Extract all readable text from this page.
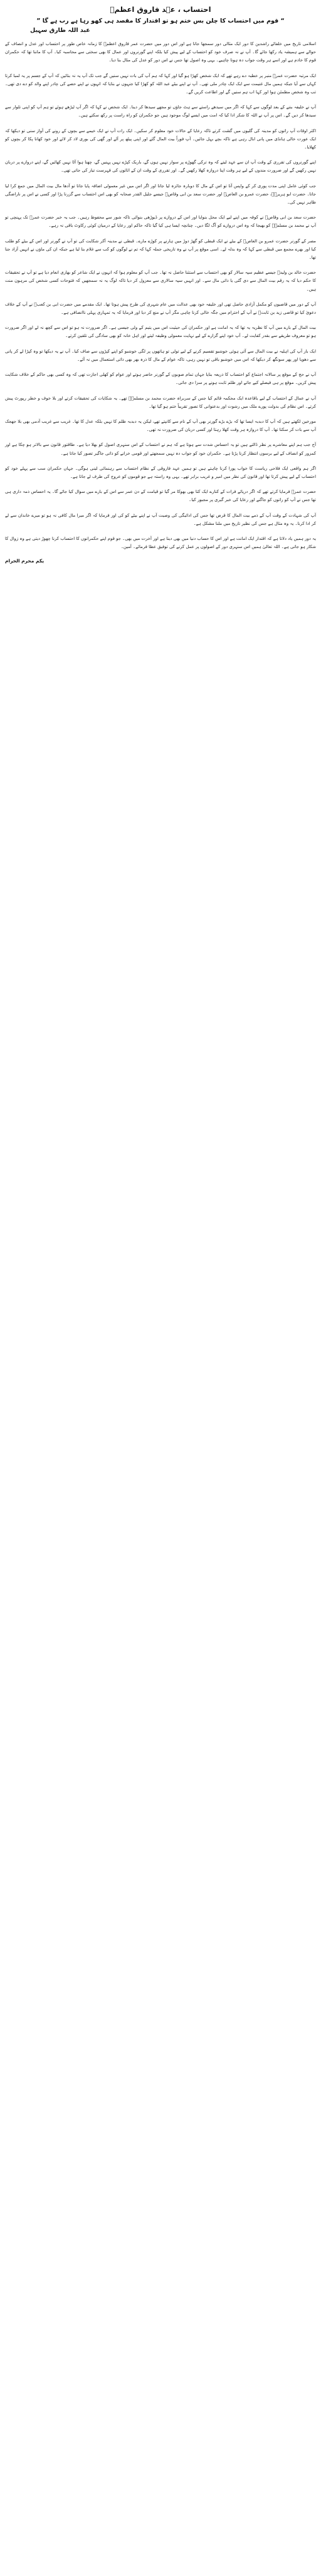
احتساب ، عہد فاروق اعظمؓ
“ قوم میں احتساب کا چلن بس ختم ہو تو اقتدار کا مقصد ہی کھو رہا ہے رب ہے گا ”
عبد اللہ طارق سہیل

اسلامی تاریخ میں خلفائے راشدین کا دور ایک مثالی دور سمجھا جاتا ہے اور اس دور میں حضرت عمر فاروق اعظمؓ کا زمانہ خاص طور پر احتساب اور عدل و انصاف کے حوالے سے ہمیشہ یاد رکھا جائے گا۔ آپ نے نہ صرف خود کو احتساب کے لیے پیش کیا بلکہ اپنے گورنروں اور عمال کا بھی سختی سے محاسبہ کیا۔ آپ کا ماننا تھا کہ حکمران قوم کا خادم ہے اور اسے ہر وقت جواب دہ ہونا چاہیے۔ یہی وہ اصول تھا جس نے اس دور کو عدل کی مثال بنا دیا۔

ایک مرتبہ حضرت عمرؓ منبر پر خطبہ دے رہے تھے کہ ایک شخص کھڑا ہو گیا اور کہا کہ ہم آپ کی بات نہیں سنیں گے جب تک آپ یہ نہ بتائیں کہ آپ کے جسم پر یہ لمبا کرتا کہاں سے آیا جبکہ ہمیں مال غنیمت سے ایک ایک چادر ملی تھی۔ آپ نے اپنے بیٹے عبد اللہ کو کھڑا کیا جنہوں نے بتایا کہ انہوں نے اپنے حصے کی چادر اپنے والد کو دے دی تھی۔ تب وہ شخص مطمئن ہوا اور کہا اب ہم سنیں گے اور اطاعت کریں گے۔

آپ نے خلیفہ بننے کے بعد لوگوں سے کہا کہ اگر میں سیدھے راستے سے ہٹ جاؤں تو مجھے سیدھا کر دینا۔ ایک شخص نے کہا کہ اگر آپ ٹیڑھے ہوئے تو ہم آپ کو اپنی تلوار سے سیدھا کر دیں گے۔ اس پر آپ نے اللہ کا شکر ادا کیا کہ امت میں ایسے لوگ موجود ہیں جو حکمران کو راہ راست پر رکھ سکتے ہیں۔

اکثر اوقات آپ راتوں کو مدینہ کی گلیوں میں گشت کرتے تاکہ رعایا کے حالات خود معلوم کر سکیں۔ ایک رات آپ نے ایک خیمے سے بچوں کے رونے کی آواز سنی تو دیکھا کہ ایک عورت خالی ہانڈی میں پانی ابال رہی ہے تاکہ بچے بہل جائیں۔ آپ فوراً بیت المال گئے اور اپنی پیٹھ پر آٹے اور گھی کی بوری لاد کر لائے اور خود کھانا پکا کر بچوں کو کھلایا۔

اپنے گورنروں کی تقرری کے وقت آپ ان سے عہد لیتے کہ وہ ترکی گھوڑے پر سوار نہیں ہوں گے، باریک کپڑے نہیں پہنیں گے، چھنا ہوا آٹا نہیں کھائیں گے، اپنے دروازے پر دربان نہیں رکھیں گے اور ضرورت مندوں کے لیے ہر وقت اپنا دروازہ کھلا رکھیں گے۔ اور تقرری کے وقت ان کے اثاثوں کی فہرست تیار کی جاتی تھی۔

جب کوئی عامل اپنی مدت پوری کر کے واپس آتا تو اس کے مال کا دوبارہ جائزہ لیا جاتا اور اگر اس میں غیر معمولی اضافہ پایا جاتا تو آدھا مال بیت المال میں جمع کرا لیا جاتا۔ حضرت ابو ہریرہؓ، حضرت عمرو بن العاصؓ اور حضرت سعد بن ابی وقاصؓ جیسے جلیل القدر صحابہ کو بھی اس احتساب سے گزرنا پڑا اور کسی نے اس پر ناراضگی ظاہر نہیں کی۔

حضرت سعد بن ابی وقاصؓ نے کوفہ میں اپنے لیے ایک محل بنوایا اور اس کے دروازے پر ڈیوڑھی بنوائی تاکہ شور سے محفوظ رہیں۔ جب یہ خبر حضرت عمرؓ تک پہنچی تو آپ نے محمد بن مسلمہؓ کو بھیجا کہ وہ اس دروازے کو آگ لگا دیں۔ چنانچہ ایسا ہی کیا گیا تاکہ حاکم اور رعایا کے درمیان کوئی رکاوٹ باقی نہ رہے۔

مصر کے گورنر حضرت عمرو بن العاصؓ کے بیٹے نے ایک قبطی کو گھڑ دوڑ میں ہارنے پر کوڑے مارے۔ قبطی نے مدینہ آکر شکایت کی تو آپ نے گورنر اور اس کے بیٹے کو طلب کیا اور بھرے مجمع میں قبطی سے کہا کہ وہ بدلہ لے۔ اسی موقع پر آپ نے وہ تاریخی جملہ کہا کہ تم نے لوگوں کو کب سے غلام بنا لیا ہے جبکہ ان کی ماؤں نے انہیں آزاد جنا تھا۔

حضرت خالد بن ولیدؓ جیسے عظیم سپہ سالار کو بھی احتساب سے استثنا حاصل نہ تھا۔ جب آپ کو معلوم ہوا کہ انہوں نے ایک شاعر کو بھاری انعام دیا ہے تو آپ نے تحقیقات کا حکم دیا کہ یہ رقم بیت المال سے دی گئی یا ذاتی مال سے۔ اور انہیں سپہ سالاری سے معزول کر دیا تاکہ لوگ یہ نہ سمجھیں کہ فتوحات کسی شخص کی مرہون منت ہیں۔

آپ کے دور میں قاضیوں کو مکمل آزادی حاصل تھی اور خلیفہ خود بھی عدالت میں عام شہری کی طرح پیش ہوتا تھا۔ ایک مقدمے میں حضرت ابی بن کعبؓ نے آپ کے خلاف دعویٰ کیا تو قاضی زید بن ثابتؓ نے آپ کے احترام میں جگہ خالی کرنا چاہی مگر آپ نے منع کر دیا اور فرمایا کہ یہ تمہاری پہلی ناانصافی ہے۔

بیت المال کے بارے میں آپ کا نظریہ یہ تھا کہ یہ امانت ہے اور حکمران کی حیثیت اس میں یتیم کے ولی جیسی ہے۔ اگر ضرورت نہ ہو تو اس سے کچھ نہ لے اور اگر ضرورت ہو تو معروف طریقے سے بقدر کفایت لے۔ آپ خود اپنے گزارے کے لیے نہایت معمولی وظیفہ لیتے اور اہل خانہ کو بھی سادگی کی تلقین کرتے۔

ایک بار آپ کی اہلیہ نے بیت المال سے آئی ہوئی خوشبو تقسیم کرنے کے لیے تولی تو ہاتھوں پر لگی خوشبو کو اپنے کپڑوں سے صاف کیا۔ آپ نے یہ دیکھا تو وہ کپڑا لے کر پانی سے دھویا اور پھر سونگھ کر دیکھا کہ اس میں خوشبو باقی تو نہیں رہی، تاکہ عوام کے مال کا ذرہ بھر بھی ذاتی استعمال میں نہ آئے۔

آپ نے حج کے موقع پر سالانہ اجتماع کو احتساب کا ذریعہ بنایا جہاں تمام صوبوں کے گورنر حاضر ہوتے اور عوام کو کھلی اجازت تھی کہ وہ کسی بھی حاکم کے خلاف شکایت پیش کریں۔ موقع پر ہی فیصلے کیے جاتے اور ظلم ثابت ہونے پر سزا دی جاتی۔

آپ نے عمال کے احتساب کے لیے باقاعدہ ایک محکمہ قائم کیا جس کے سربراہ حضرت محمد بن مسلمہؓ تھے۔ یہ شکایات کی تحقیقات کرتے اور بلا خوف و خطر رپورٹ پیش کرتے۔ اس نظام کی بدولت پورے ملک میں رشوت اور بدعنوانی کا تصور تقریباً ختم ہو گیا تھا۔

مورخین لکھتے ہیں کہ آپ کا دبدبہ ایسا تھا کہ بڑے بڑے گورنر بھی آپ کے نام سے کانپتے تھے، لیکن یہ دبدبہ ظلم کا نہیں بلکہ عدل کا تھا۔ غریب سے غریب آدمی بھی بلا جھجک آپ سے بات کر سکتا تھا۔ آپ کا دروازہ ہر وقت کھلا رہتا اور کسی دربان کی ضرورت نہ تھی۔

آج جب ہم اپنے معاشرے پر نظر ڈالتے ہیں تو یہ احساس شدت سے ہوتا ہے کہ ہم نے احتساب کے اس سنہری اصول کو بھلا دیا ہے۔ طاقتور قانون سے بالاتر ہو چکا ہے اور کمزور کو انصاف کے لیے برسوں انتظار کرنا پڑتا ہے۔ حکمران خود کو جواب دہ نہیں سمجھتے اور قومی خزانے کو ذاتی جاگیر تصور کیا جاتا ہے۔

اگر ہم واقعی ایک فلاحی ریاست کا خواب پورا کرنا چاہتے ہیں تو ہمیں عہد فاروقی کے نظام احتساب سے رہنمائی لینی ہوگی۔ جہاں حکمران سب سے پہلے خود کو احتساب کے لیے پیش کرتا تھا اور قانون کی نظر میں امیر و غریب برابر تھے۔ یہی وہ راستہ ہے جو قوموں کو عروج کی طرف لے جاتا ہے۔

حضرت عمرؓ فرمایا کرتے تھے کہ اگر دریائے فرات کے کنارے ایک کتا بھی بھوکا مر گیا تو قیامت کے دن عمر سے اس کے بارے میں سوال کیا جائے گا۔ یہ احساس ذمہ داری ہی تھا جس نے آپ کو راتوں کو جاگنے اور رعایا کی خبر گیری پر مجبور کیا۔

آپ کی شہادت کے وقت آپ کے ذمے بیت المال کا قرض تھا جس کی ادائیگی کی وصیت آپ نے اپنے بیٹے کو کی اور فرمایا کہ اگر میرا مال کافی نہ ہو تو میرے خاندان سے لے کر ادا کرنا۔ یہ وہ مثال ہے جس کی نظیر تاریخ میں ملنا مشکل ہے۔

یہ دور ہمیں یاد دلاتا ہے کہ اقتدار ایک امانت ہے اور اس کا حساب دنیا میں بھی دینا ہے اور آخرت میں بھی۔ جو قوم اپنے حکمرانوں کا احتساب کرنا چھوڑ دیتی ہے وہ زوال کا شکار ہو جاتی ہے۔ اللہ تعالیٰ ہمیں اس سنہری دور کے اصولوں پر عمل کرنے کی توفیق عطا فرمائے۔ آمین۔

یکم محرم الحرام
